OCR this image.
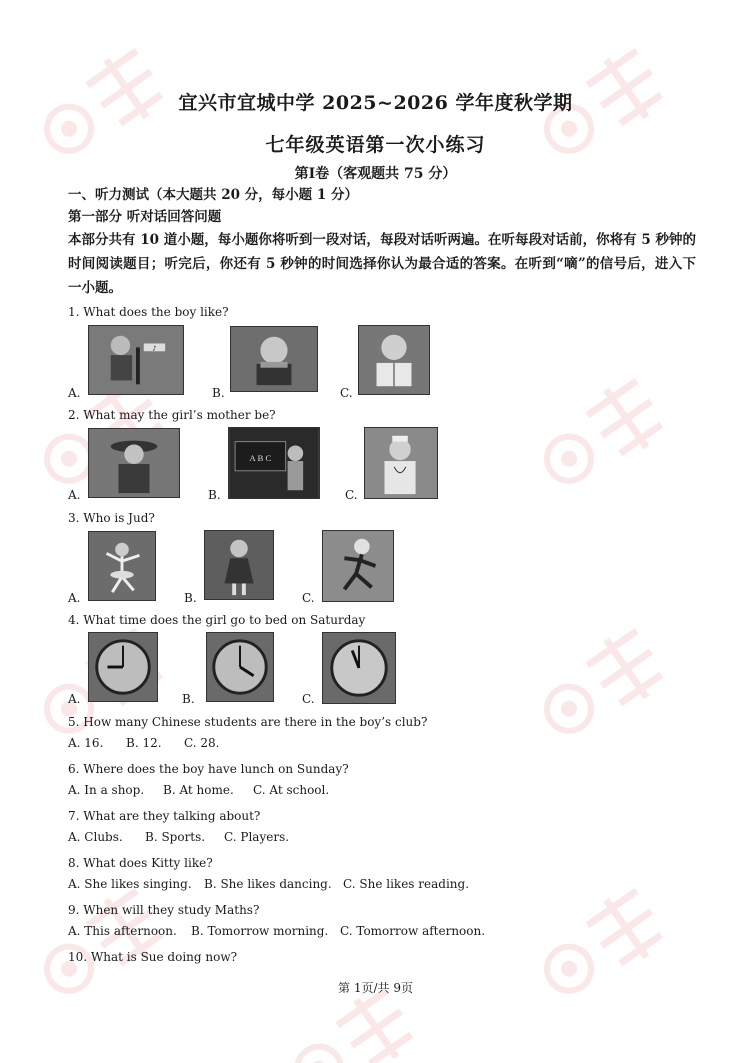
宜兴市宜城中学 2025~2026 学年度秋学期
七年级英语第一次小练习
第Ⅰ卷（客观题共 75 分）
一、听力测试（本大题共 20 分，每小题 1 分）
第一部分 听对话回答问题
本部分共有 10 道小题，每小题你将听到一段对话，每段对话听两遍。在听每段对话前，你将有 5 秒钟的时间阅读题目；听完后，你还有 5 秒钟的时间选择你认为最合适的答案。在听到“嘀”的信号后，进入下一小题。
1. What does the boy like?
♪
A.	B.	C.
2. What may the girl’s mother be?
A.
A B C
B.	C.
3. Who is Jud?
A.	B.	C.
4. What time does the girl go to bed on Saturday
A.	B.	C.
5. How many Chinese students are there in the boy’s club?
A. 16.	B. 12.	C. 28.
6. Where does the boy have lunch on Sunday?
A. In a shop.	B. At home.	C. At school.
7. What are they talking about?
A. Clubs.	B. Sports.	C. Players.
8. What does Kitty like?
A. She likes singing.	B. She likes dancing. C. She likes reading.
9. When will they study Maths?
A. This afternoon.	B. Tomorrow morning. C. Tomorrow afternoon.
10. What is Sue doing now?
第 1页/共 9页
